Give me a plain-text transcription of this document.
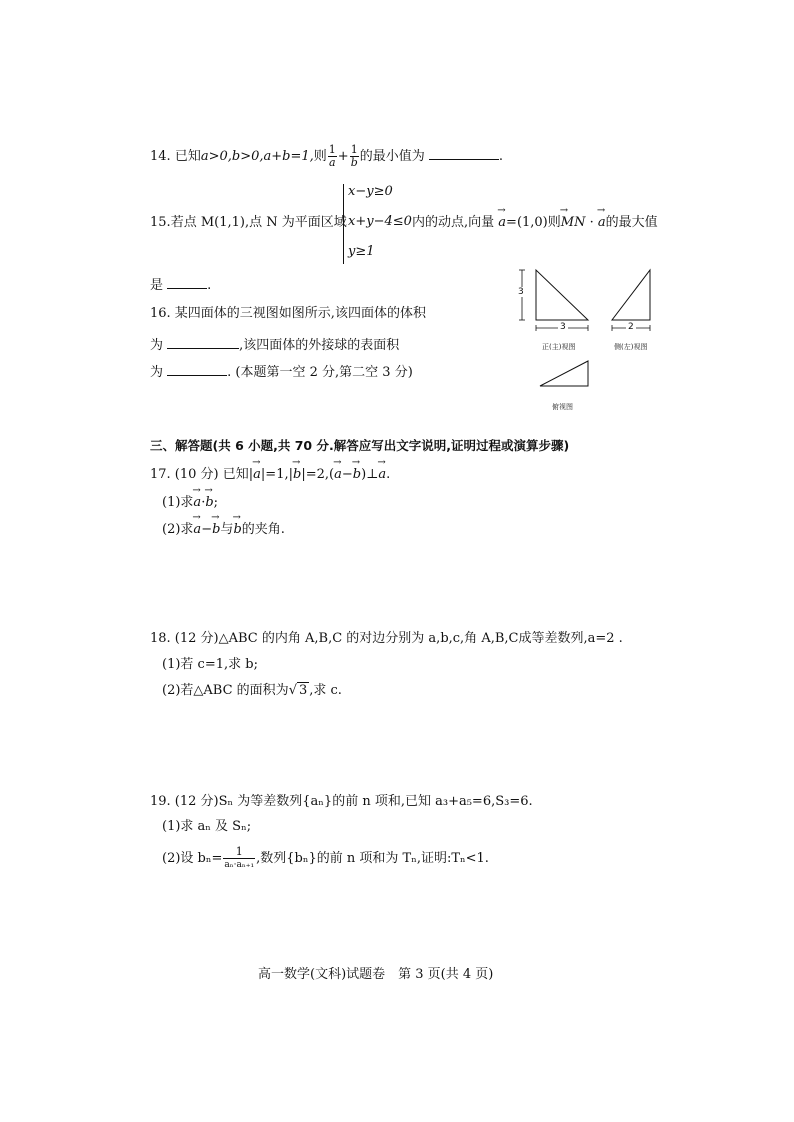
14. 已知a>0,b>0,a+b=1,则 $\frac{1}{a} + \frac{1}{b}$ 的最小值为	.
15.若点 M(1,1),点 N 为平面区域
x−y≥0
x+y−4≤0
y≥1
内的动点,向量 → a=(1,0)则→ MN · → a的最大值
是	.
16. 某四面体的三视图如图所示,该四面体的体积
为	,该四面体的外接球的表面积
为	. (本题第一空 2 分,第二空 3 分)
3
3	2
正(主)视图	侧(左)视图
俯视图
三、解答题(共 6 小题,共 70 分.解答应写出文字说明,证明过程或演算步骤)
17. (10 分) 已知|→ a|=1,|→ b|=2,(→ a−→ b)⊥→ a.
(1)求→ a·→ b;
(2)求→ a−→ b与→ b的夹角.
18. (12 分)△ABC 的内角 A,B,C 的对边分别为 a,b,c,角 A,B,C成等差数列,a=2 .
(1)若 c=1,求 b;
(2)若△ABC 的面积为√ 3 ,求 c.
19. (12 分)Sₙ 为等差数列{aₙ}的前 n 项和,已知 a₃+a₅=6,S₃=6.
(1)求 aₙ 及 Sₙ;
(2)设 $b_n= \frac{1}{\text{aₙ·aₙ₊₁}}$ ,数列{bₙ}的前 n 项和为 Tₙ,证明:Tₙ<1.
高一数学(文科)试题卷　第 3 页(共 4 页)
